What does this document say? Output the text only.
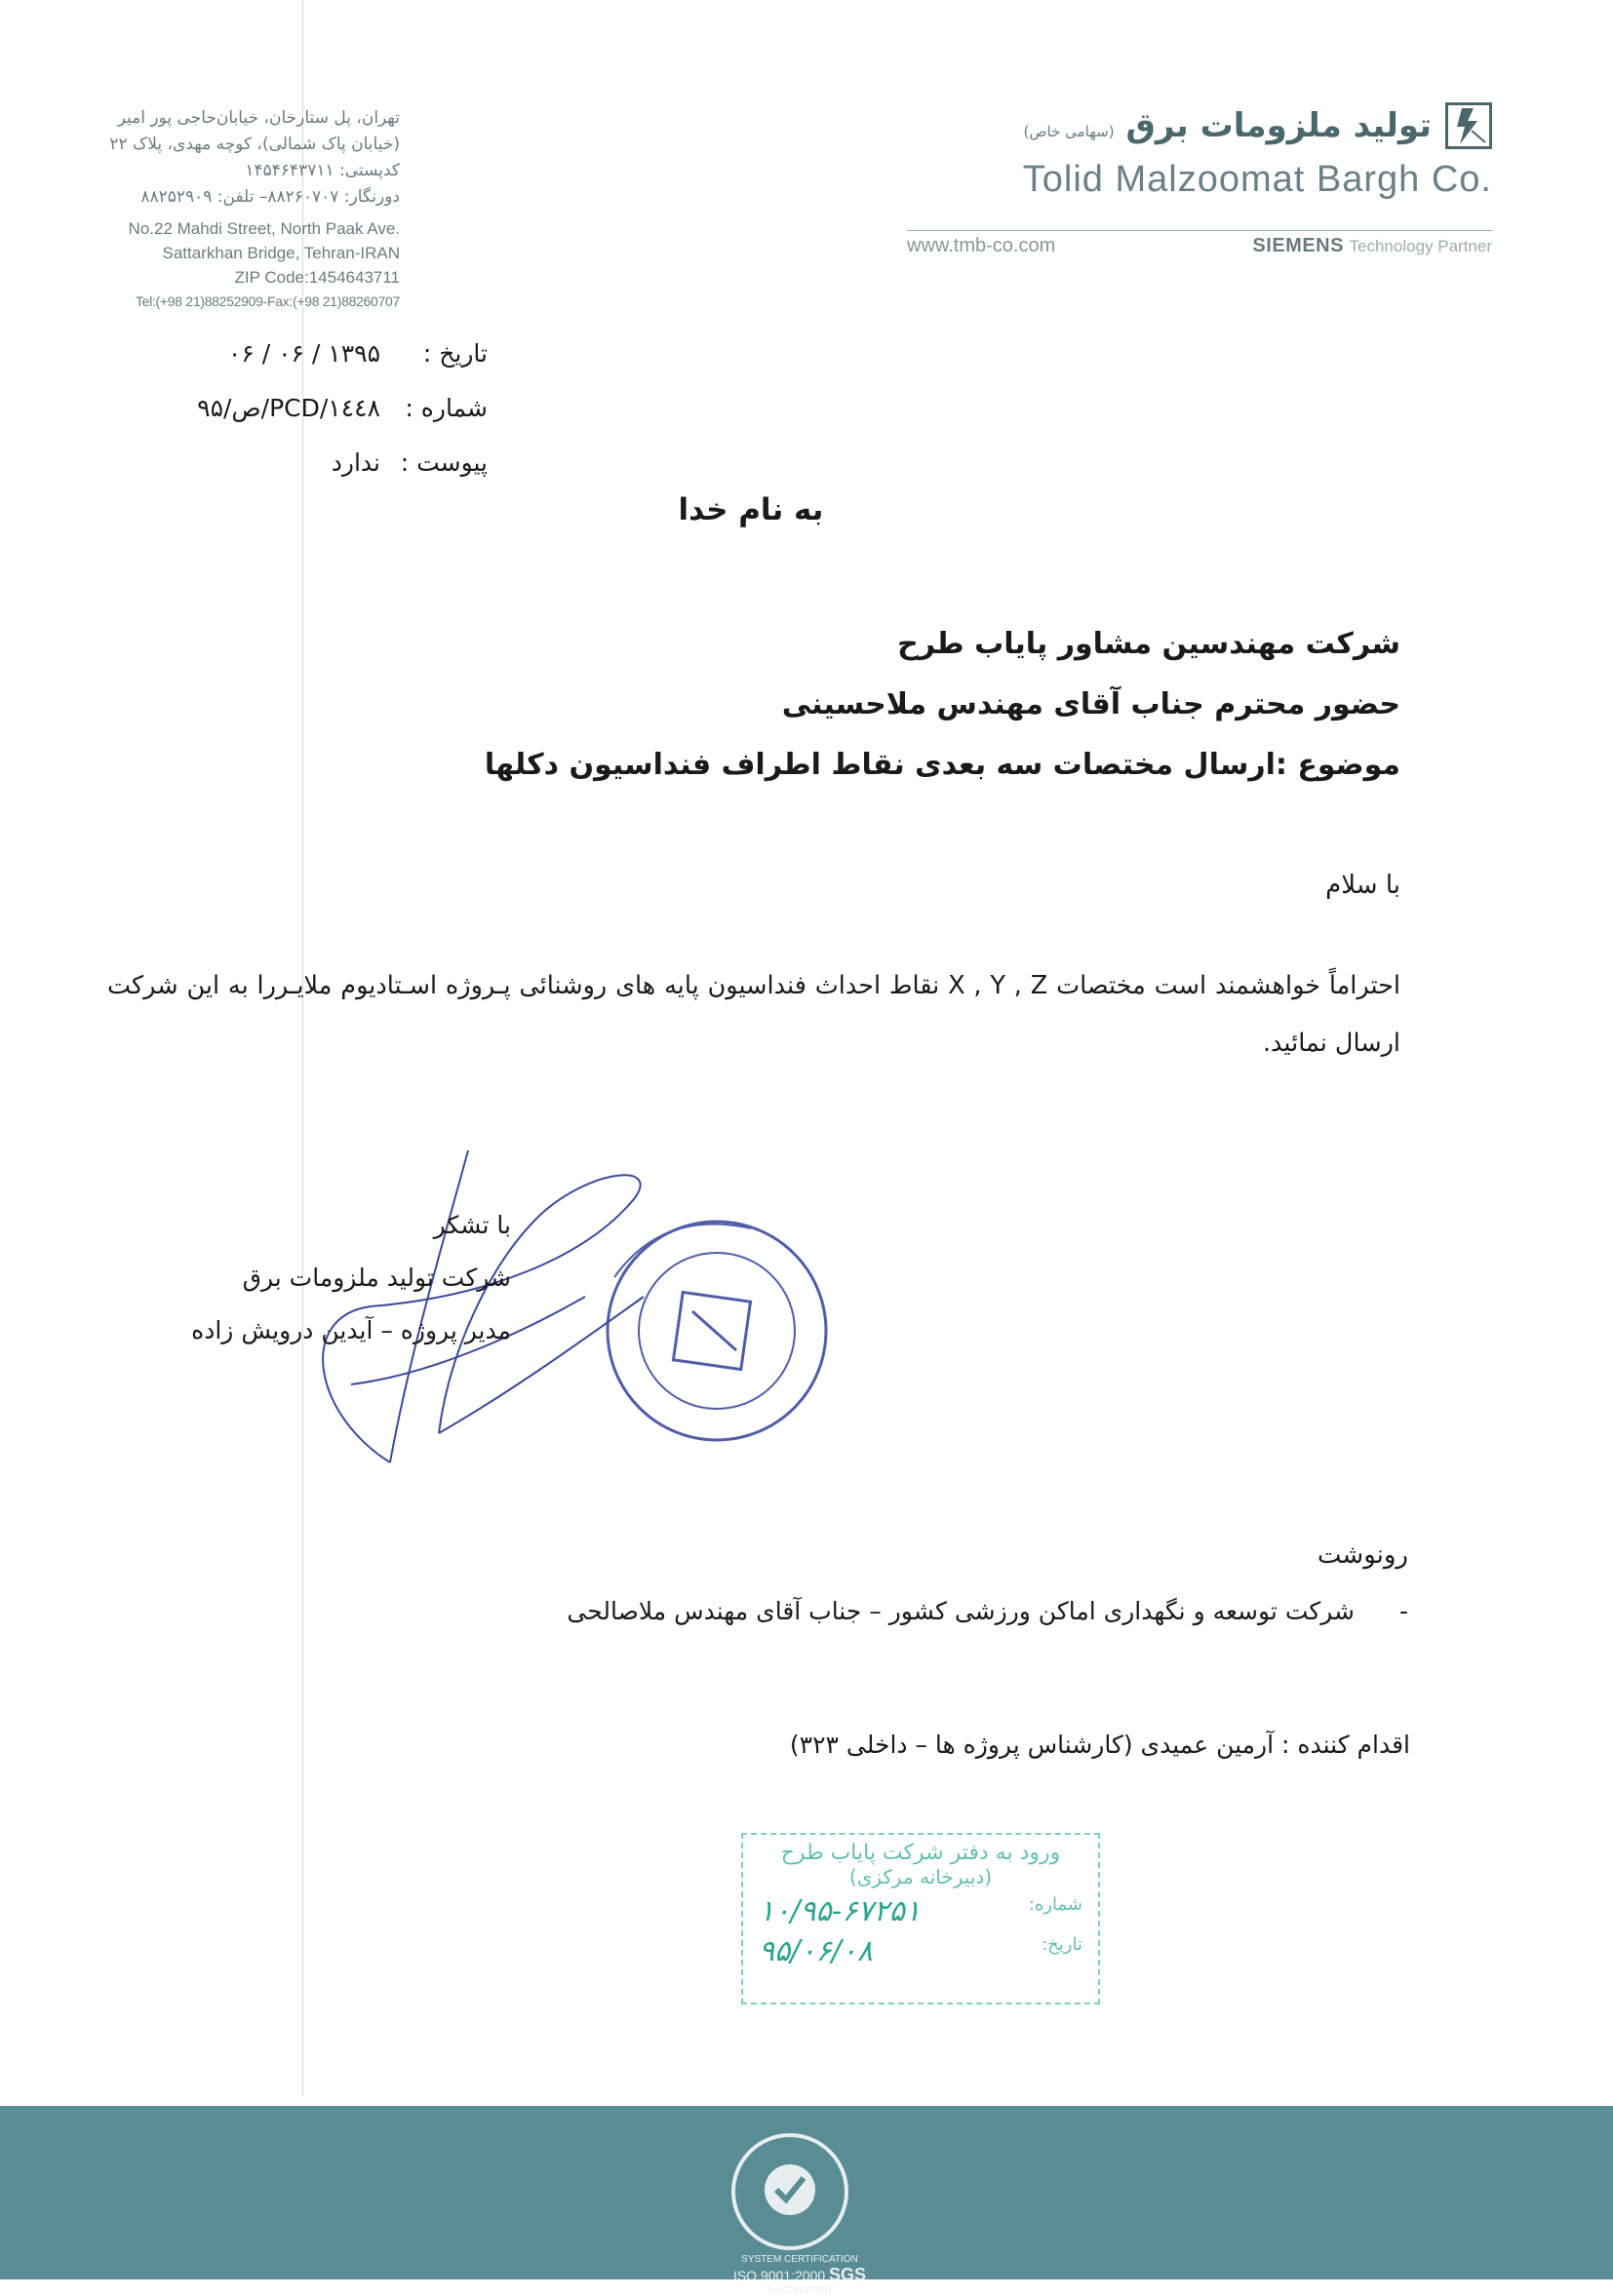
تهران، پل ستارخان، خیابان‌حاجی پور امیر
(خیابان پاک شمالی)، کوچه مهدی، پلاک ۲۲
کدپستی: ۱۴۵۴۶۴۳۷۱۱
دورنگار: ۸۸۲۶۰۷۰۷– تلفن: ۸۸۲۵۲۹۰۹
No.22 Mahdi Street, North Paak Ave.
Sattarkhan Bridge, Tehran-IRAN
ZIP Code:1454643711
Tel:(+98 21)88252909-Fax:(+98 21)88260707
تولید ملزومات برق (سهامی خاص)
Tolid Malzoomat Bargh Co.
www.tmb-co.com	SIEMENS Technology Partner
تاریخ :
۱۳۹۵ / ۰۶ / ۰۶
شماره :
PCD/۱٤٤٨/ص/۹۵
پیوست :
ندارد
به نام خدا
شرکت مهندسین مشاور پایاب طرح
حضور محترم جناب آقای مهندس ملاحسینی
موضوع :ارسال مختصات سه بعدی نقاط اطراف فنداسیون دکلها
با سلام
احتراماً خواهشمند است مختصات X , Y , Z نقاط احداث فنداسیون پایه های روشنائی پـروژه اسـتادیوم ملایـررا به این شرکت ارسال نمائید.
با تشکر
شرکت تولید ملزومات برق
مدیر پروژه – آیدین درویش زاده
رونوشت
- شرکت توسعه و نگهداری اماکن ورزشی کشور – جناب آقای مهندس ملاصالحی
اقدام کننده : آرمین عمیدی (کارشناس پروژه ها – داخلی ۳۲۳)
ورود به دفتر شرکت پایاب طرح
(دبیرخانه مرکزی)
شماره:
۱۰/۹۵-۶۷۲۵۱
تاریخ:
۹۵/۰۶/۰۸
SYSTEM CERTIFICATION
ISO 9001:2000 SGS
No.CH03/0804
